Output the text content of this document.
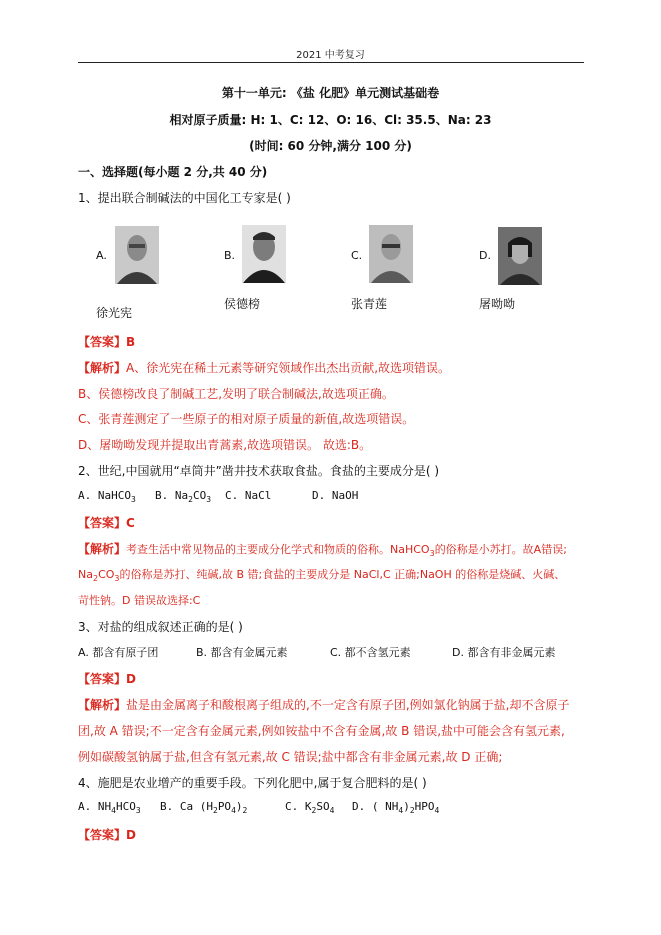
2021 中考复习
第十一单元: 《盐 化肥》单元测试基础卷
相对原子质量: H: 1、C: 12、O: 16、Cl: 35.5、Na: 23
(时间: 60 分钟,满分 100 分)
一、选择题(每小题 2 分,共 40 分)
1、提出联合制碱法的中国化工专家是( )
A.
徐光宪
B.
侯德榜
C.
张青莲
D.
屠呦呦
【答案】B
【解析】A、徐光宪在稀土元素等研究领域作出杰出贡献,故选项错误。
B、侯德榜改良了制碱工艺,发明了联合制碱法,故选项正确。
C、张青莲测定了一些原子的相对原子质量的新值,故选项错误。
D、屠呦呦发现并提取出青蒿素,故选项错误。 故选:B。
2、世纪,中国就用“卓筒井”凿井技术获取食盐。食盐的主要成分是( )
A. NaHCO$_3$ B. $Na_2CO_3$ C. NaCl	D. NaOH
【答案】C
【解析】考查生活中常见物品的主要成分化学式和物质的俗称。NaHCO$_3$的俗称是小苏打。故A错误;
$Na_2CO_3$的俗称是苏打、纯碱,故 B 错;食盐的主要成分是 NaCl,C 正确;NaOH 的俗称是烧碱、火碱、
苛性钠。D 错误故选择:C
3、对盐的组成叙述正确的是( )
A. 都含有原子团	B. 都含有金属元素	C. 都不含氢元素	D. 都含有非金属元素
【答案】D
【解析】盐是由金属离子和酸根离子组成的,不一定含有原子团,例如氯化钠属于盐,却不含原子
团,故 A 错误;不一定含有金属元素,例如铵盐中不含有金属,故 B 错误,盐中可能会含有氢元素,
例如碳酸氢钠属于盐,但含有氢元素,故 C 错误;盐中都含有非金属元素,故 D 正确;
4、施肥是农业增产的重要手段。下列化肥中,属于复合肥料的是( )
A. $NH_4HCO_3$ B. Ca $(H_2PO_4)_2$	C. $K_2SO_4$ D. ( $NH_4)_2HPO_4$
【答案】D
